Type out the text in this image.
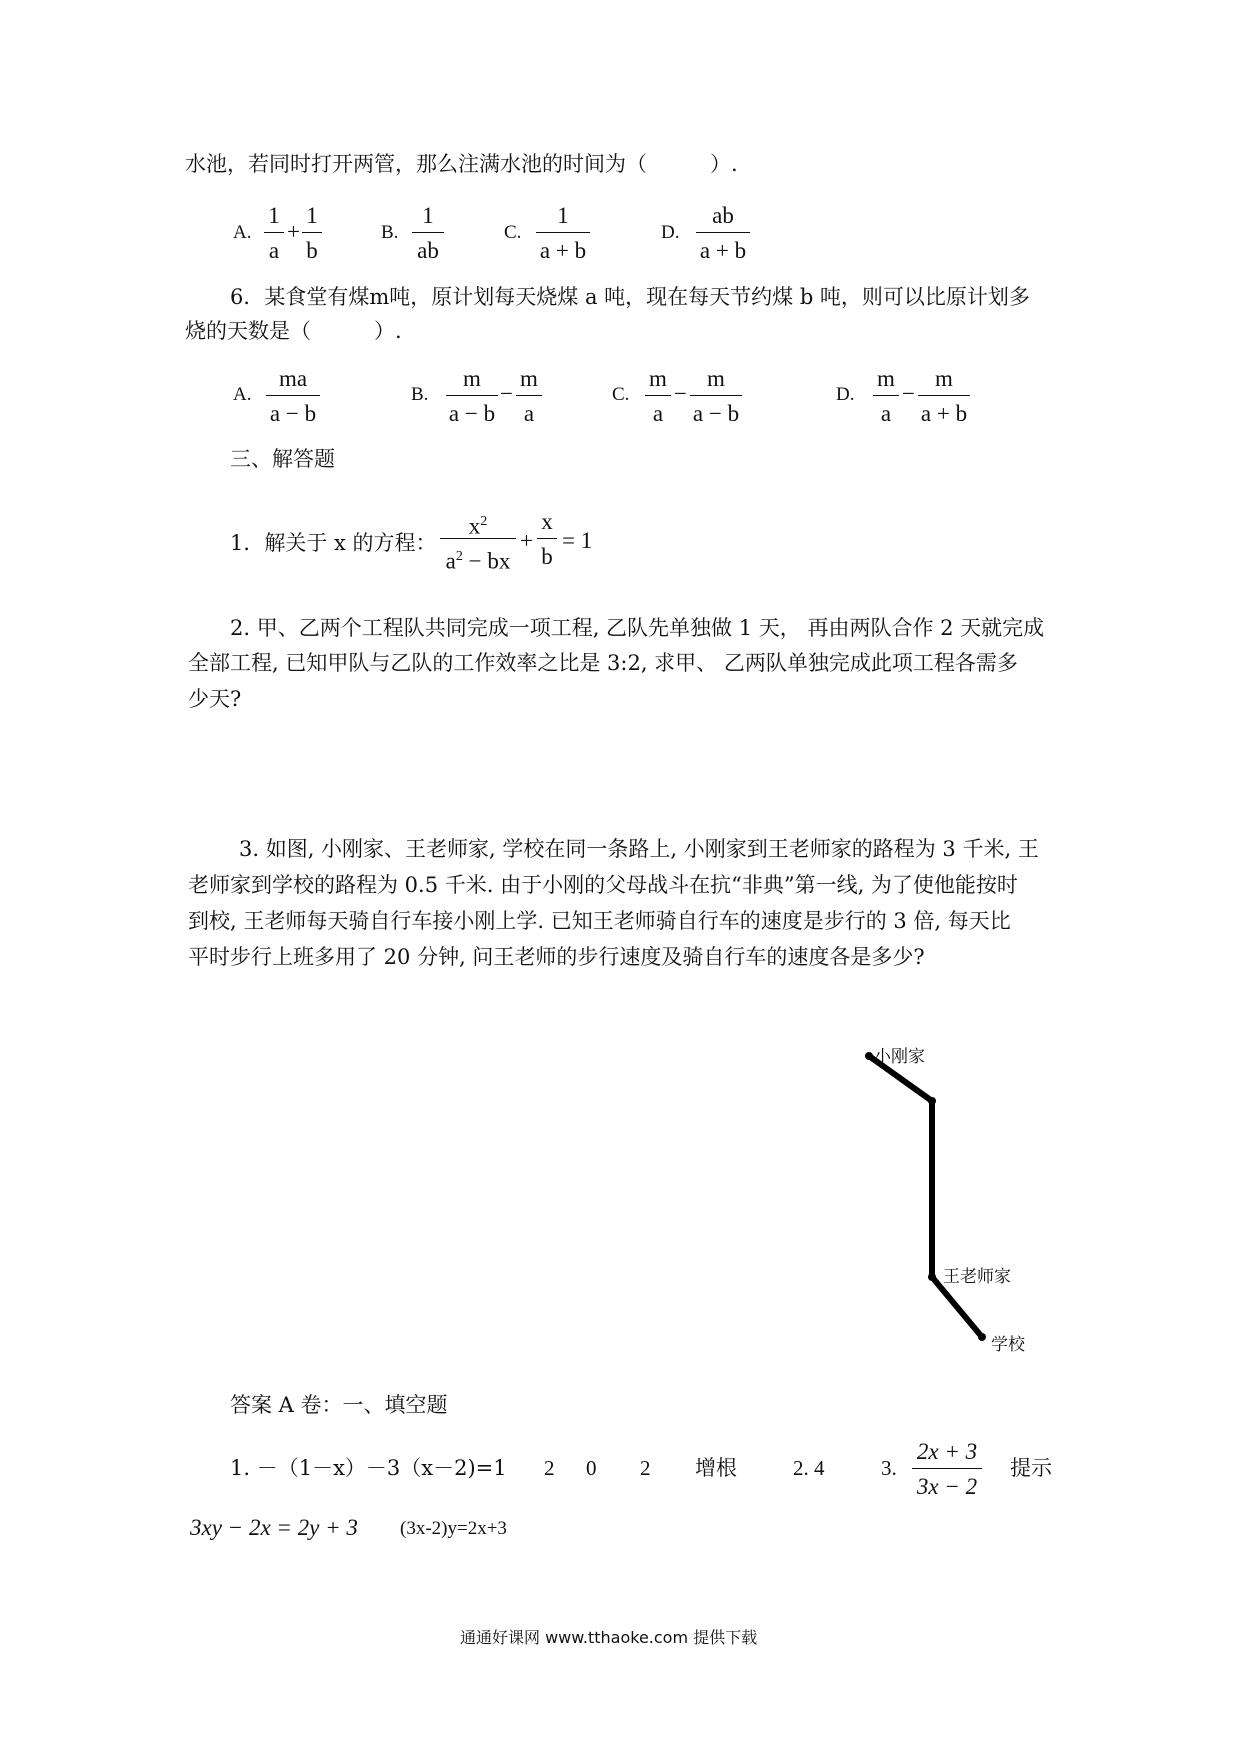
水池，若同时打开两管，那么注满水池的时间为（　　　）.
A.
1
a
+
1
b
B.
1
ab
C.
1
a + b
D.
ab
a + b
6．某食堂有煤m吨，原计划每天烧煤 a 吨，现在每天节约煤 b 吨，则可以比原计划多
烧的天数是（　　　）.
A.
ma
a − b
B.
m
a − b
−
m
a
C.
m
a
−
m
a − b
D.
m
a
−
m
a + b
三、解答题
1．解关于 x 的方程：
$x^2$
$a^2$ − bx
+
x
b
= 1
2. 甲、乙两个工程队共同完成一项工程, 乙队先单独做 1 天， 再由两队合作 2 天就完成
全部工程, 已知甲队与乙队的工作效率之比是 3:2, 求甲、 乙两队单独完成此项工程各需多
少天?
3. 如图, 小刚家、王老师家, 学校在同一条路上, 小刚家到王老师家的路程为 3 千米, 王
老师家到学校的路程为 0.5 千米. 由于小刚的父母战斗在抗“非典”第一线, 为了使他能按时
到校, 王老师每天骑自行车接小刚上学. 已知王老师骑自行车的速度是步行的 3 倍, 每天比
平时步行上班多用了 20 分钟, 问王老师的步行速度及骑自行车的速度各是多少?
小刚家
王老师家
学校
答案 A 卷：一、填空题
1. －（1－x）－3（x－2)=1 2 0 2 增根	2. 4	3.
2x + 3
3x − 2
提示
3xy − 2x = 2y + 3 (3x-2)y=2x+3
通通好课网 www.tthaoke.com 提供下载
